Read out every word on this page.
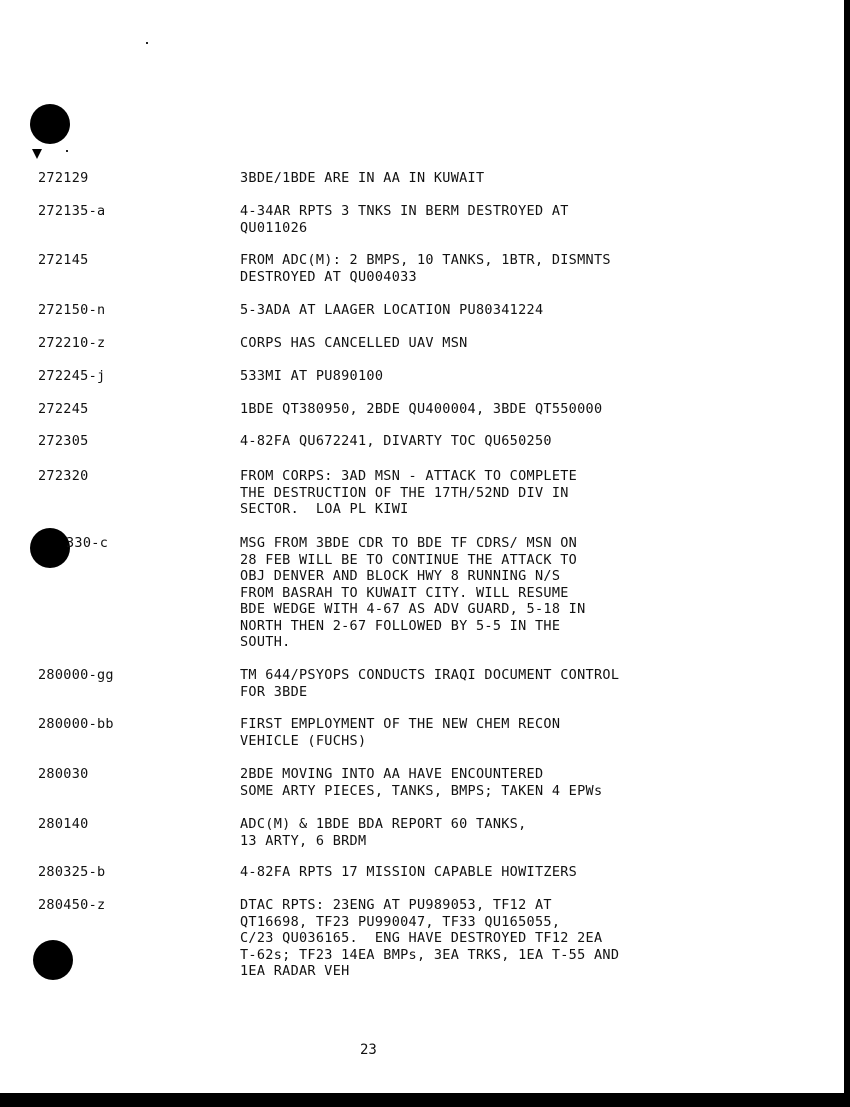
272129	3BDE/1BDE ARE IN AA IN KUWAIT
272135-a	4-34AR RPTS 3 TNKS IN BERM DESTROYED AT
QU011026
272145	FROM ADC(M): 2 BMPS, 10 TANKS, 1BTR, DISMNTS
DESTROYED AT QU004033
272150-n	5-3ADA AT LAAGER LOCATION PU80341224
272210-z	CORPS HAS CANCELLED UAV MSN
272245-j	533MI AT PU890100
272245	1BDE QT380950, 2BDE QU400004, 3BDE QT550000
272305	4-82FA QU672241, DIVARTY TOC QU650250
272320	FROM CORPS: 3AD MSN - ATTACK TO COMPLETE
THE DESTRUCTION OF THE 17TH/52ND DIV IN
SECTOR.  LOA PL KIWI
330-c	MSG FROM 3BDE CDR TO BDE TF CDRS/ MSN ON
28 FEB WILL BE TO CONTINUE THE ATTACK TO
OBJ DENVER AND BLOCK HWY 8 RUNNING N/S
FROM BASRAH TO KUWAIT CITY. WILL RESUME
BDE WEDGE WITH 4-67 AS ADV GUARD, 5-18 IN
NORTH THEN 2-67 FOLLOWED BY 5-5 IN THE
SOUTH.
280000-gg	TM 644/PSYOPS CONDUCTS IRAQI DOCUMENT CONTROL
FOR 3BDE
280000-bb	FIRST EMPLOYMENT OF THE NEW CHEM RECON
VEHICLE (FUCHS)
280030	2BDE MOVING INTO AA HAVE ENCOUNTERED
SOME ARTY PIECES, TANKS, BMPS; TAKEN 4 EPWs
280140	ADC(M) & 1BDE BDA REPORT 60 TANKS,
13 ARTY, 6 BRDM
280325-b	4-82FA RPTS 17 MISSION CAPABLE HOWITZERS
280450-z	DTAC RPTS: 23ENG AT PU989053, TF12 AT
QT16698, TF23 PU990047, TF33 QU165055,
C/23 QU036165.  ENG HAVE DESTROYED TF12 2EA
T-62s; TF23 14EA BMPs, 3EA TRKS, 1EA T-55 AND
1EA RADAR VEH
23
